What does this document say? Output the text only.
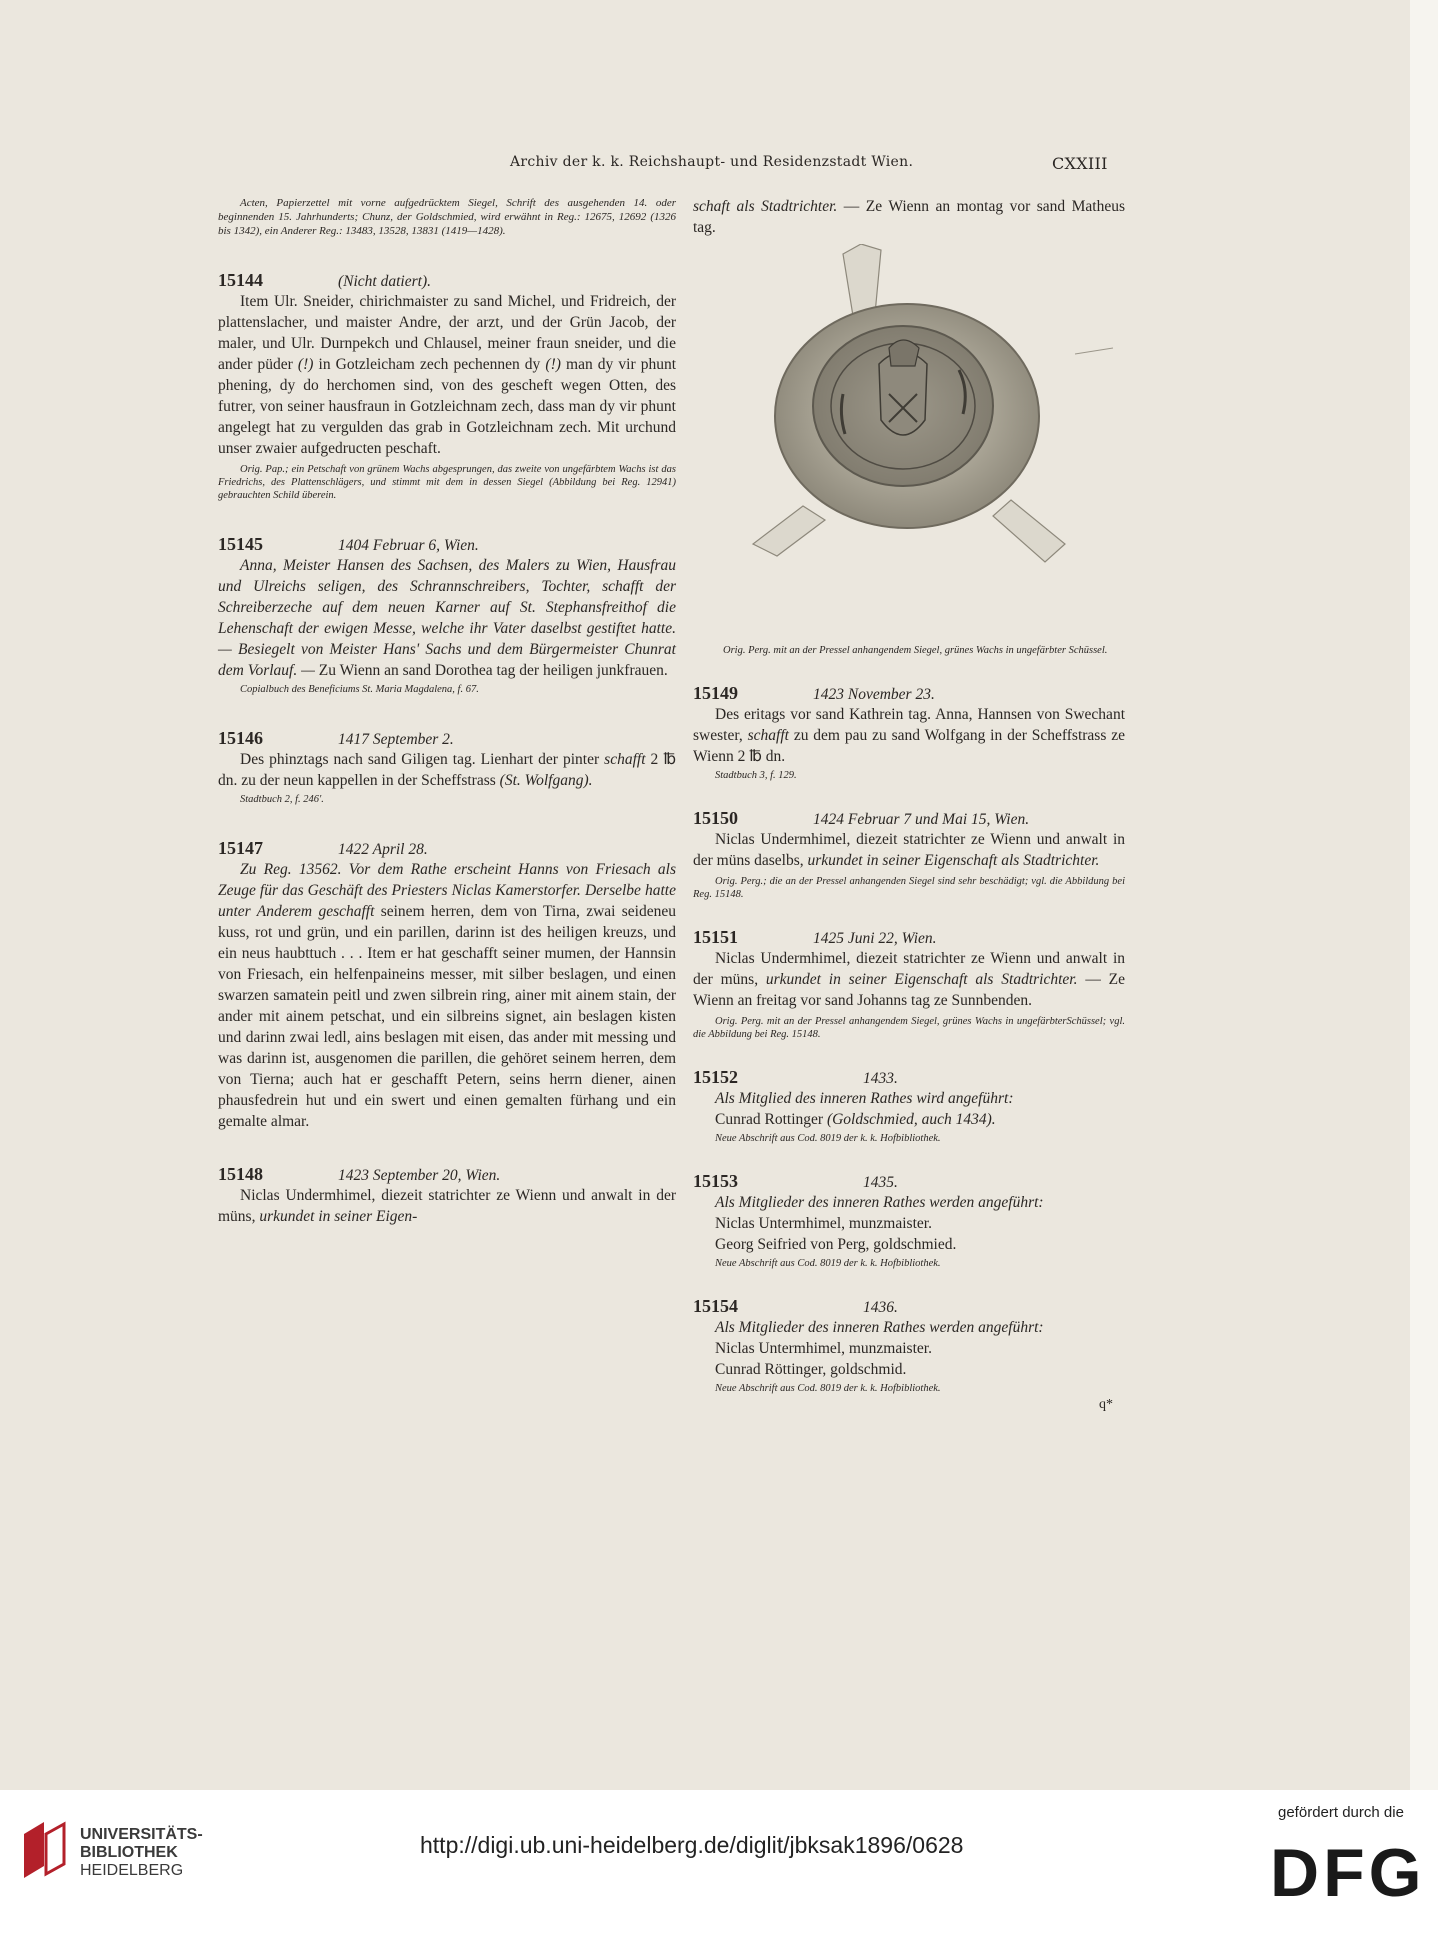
Archiv der k. k. Reichshaupt- und Residenzstadt Wien.	CXXIII
Acten, Papierzettel mit vorne aufgedrücktem Siegel, Schrift des ausgehenden 14. oder beginnenden 15. Jahrhunderts; Chunz, der Goldschmied, wird erwähnt in Reg.: 12675, 12692 (1326 bis 1342), ein Anderer Reg.: 13483, 13528, 13831 (1419—1428).
15144	(Nicht datiert).

Item Ulr. Sneider, chirichmaister zu sand Michel, und Fridreich, der plattenslacher, und maister Andre, der arzt, und der Grün Jacob, der maler, und Ulr. Durnpekch und Chlausel, meiner fraun sneider, und die ander püder (!) in Gotzleicham zech pechennen dy (!) man dy vir phunt phening, dy do herchomen sind, von des gescheft wegen Otten, des futrer, von seiner hausfraun in Gotzleichnam zech, dass man dy vir phunt angelegt hat zu vergulden das grab in Gotzleichnam zech. Mit urchund unser zwaier aufgedructen peschaft.

Orig. Pap.; ein Petschaft von grünem Wachs abgesprungen, das zweite von ungefärbtem Wachs ist das Friedrichs, des Plattenschlägers, und stimmt mit dem in dessen Siegel (Abbildung bei Reg. 12941) gebrauchten Schild überein.
15145	1404 Februar 6, Wien.

Anna, Meister Hansen des Sachsen, des Malers zu Wien, Hausfrau und Ulreichs seligen, des Schrannschreibers, Tochter, schafft der Schreiberzeche auf dem neuen Karner auf St. Stephansfreithof die Lehenschaft der ewigen Messe, welche ihr Vater daselbst gestiftet hatte. — Besiegelt von Meister Hans' Sachs und dem Bürgermeister Chunrat dem Vorlauf. — Zu Wienn an sand Dorothea tag der heiligen junkfrauen.

Copialbuch des Beneficiums St. Maria Magdalena, f. 67.
15146	1417 September 2.

Des phinztags nach sand Giligen tag. Lienhart der pinter schafft 2 ℔ dn. zu der neun kappellen in der Scheffstrass (St. Wolfgang).

Stadtbuch 2, f. 246'.
15147	1422 April 28.

Zu Reg. 13562. Vor dem Rathe erscheint Hanns von Friesach als Zeuge für das Geschäft des Priesters Niclas Kamerstorfer. Derselbe hatte unter Anderem geschafft seinem herren, dem von Tirna, zwai seideneu kuss, rot und grün, und ein parillen, darinn ist des heiligen kreuzs, und ein neus haubttuch . . . Item er hat geschafft seiner mumen, der Hannsin von Friesach, ein helfenpaineins messer, mit silber beslagen, und einen swarzen samatein peitl und zwen silbrein ring, ainer mit ainem stain, der ander mit ainem petschat, und ein silbreins signet, ain beslagen kisten und darinn zwai ledl, ains beslagen mit eisen, das ander mit messing und was darinn ist, ausgenomen die parillen, die gehöret seinem herren, dem von Tierna; auch hat er geschafft Petern, seins herrn diener, ainen phausfedrein hut und ein swert und einen gemalten fürhang und ein gemalte almar.

15148	1423 September 20, Wien.

Niclas Undermhimel, diezeit statrichter ze Wienn und anwalt in der müns, urkundet in seiner Eigen-

schaft als Stadtrichter. — Ze Wienn an montag vor sand Matheus tag.

Orig. Perg. mit an der Pressel anhangendem Siegel, grünes Wachs in ungefärbter Schüssel.
15149	1423 November 23.

Des eritags vor sand Kathrein tag. Anna, Hannsen von Swechant swester, schafft zu dem pau zu sand Wolfgang in der Scheffstrass ze Wienn 2 ℔ dn.

Stadtbuch 3, f. 129.
15150	1424 Februar 7 und Mai 15, Wien.

Niclas Undermhimel, diezeit statrichter ze Wienn und anwalt in der müns daselbs, urkundet in seiner Eigenschaft als Stadtrichter.

Orig. Perg.; die an der Pressel anhangenden Siegel sind sehr beschädigt; vgl. die Abbildung bei Reg. 15148.
15151	1425 Juni 22, Wien.

Niclas Undermhimel, diezeit statrichter ze Wienn und anwalt in der müns, urkundet in seiner Eigenschaft als Stadtrichter. — Ze Wienn an freitag vor sand Johanns tag ze Sunnbenden.

Orig. Perg. mit an der Pressel anhangendem Siegel, grünes Wachs in ungefärbterSchüssel; vgl. die Abbildung bei Reg. 15148.
15152	1433.

Als Mitglied des inneren Rathes wird angeführt:

Cunrad Rottinger (Goldschmied, auch 1434).
Neue Abschrift aus Cod. 8019 der k. k. Hofbibliothek.
15153	1435.

Als Mitglieder des inneren Rathes werden angeführt:

Niclas Untermhimel, munzmaister.
Georg Seifried von Perg, goldschmied.
Neue Abschrift aus Cod. 8019 der k. k. Hofbibliothek.
15154	1436.

Als Mitglieder des inneren Rathes werden angeführt:

Niclas Untermhimel, munzmaister.
Cunrad Röttinger, goldschmid.
Neue Abschrift aus Cod. 8019 der k. k. Hofbibliothek.
q*
UNIVERSITÄTS-
BIBLIOTHEK
HEIDELBERG
http://digi.ub.uni-heidelberg.de/diglit/jbksak1896/0628
gefördert durch die
DFG
